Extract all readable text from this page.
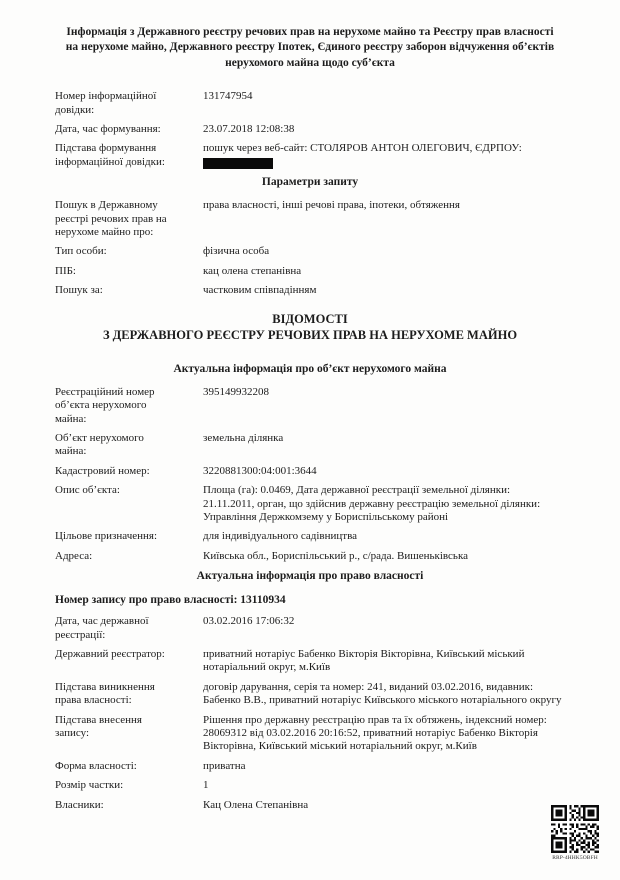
Інформація з Державного реєстру речових прав на нерухоме майно та Реєстру прав власності на нерухоме майно, Державного реєстру Іпотек, Єдиного реєстру заборон відчуження об’єктів нерухомого майна щодо суб’єкта
Номер інформаційної довідки:
131747954
Дата, час формування:	23.07.2018 12:08:38
Підстава формування інформаційної довідки:
пошук через веб-сайт: СТОЛЯРОВ АНТОН ОЛЕГОВИЧ, ЄДРПОУ:
Параметри запиту
Пошук в Державному реєстрі речових прав на нерухоме майно про:
права власності, інші речові права, іпотеки, обтяження
Тип особи:	фізична особа
ПІБ:	кац олена степанівна
Пошук за:	частковим співпадінням
ВІДОМОСТІ
З ДЕРЖАВНОГО РЕЄСТРУ РЕЧОВИХ ПРАВ НА НЕРУХОМЕ МАЙНО
Актуальна інформація про об’єкт нерухомого майна
Реєстраційний номер об’єкта нерухомого майна:
395149932208
Об’єкт нерухомого майна:
земельна ділянка
Кадастровий номер:	3220881300:04:001:3644
Опис об’єкта:	Площа (га): 0.0469, Дата державної реєстрації земельної ділянки: 21.11.2011, орган, що здійснив державну реєстрацію земельної ділянки: Управління Держкомзему у Бориспільському районі
Цільове призначення:	для індивідуального садівництва
Адреса:	Київська обл., Бориспільський р., с/рада. Вишеньківська
Актуальна інформація про право власності
Номер запису про право власності: 13110934
Дата, час державної реєстрації:
03.02.2016 17:06:32
Державний реєстратор:	приватний нотаріус Бабенко Вікторія Вікторівна, Київський міський нотаріальний округ, м.Київ
Підстава виникнення права власності:
договір дарування, серія та номер: 241, виданий 03.02.2016, видавник: Бабенко В.В., приватний нотаріус Київського міського нотаріального округу
Підстава внесення запису:
Рішення про державну реєстрацію прав та їх обтяжень, індексний номер: 28069312 від 03.02.2016 20:16:52, приватний нотаріус Бабенко Вікторія Вікторівна, Київський міський нотаріальний округ, м.Київ
Форма власності:	приватна
Розмір частки:	1
Власники:	Кац Олена Степанівна
RRP-4HHK5OBFH
